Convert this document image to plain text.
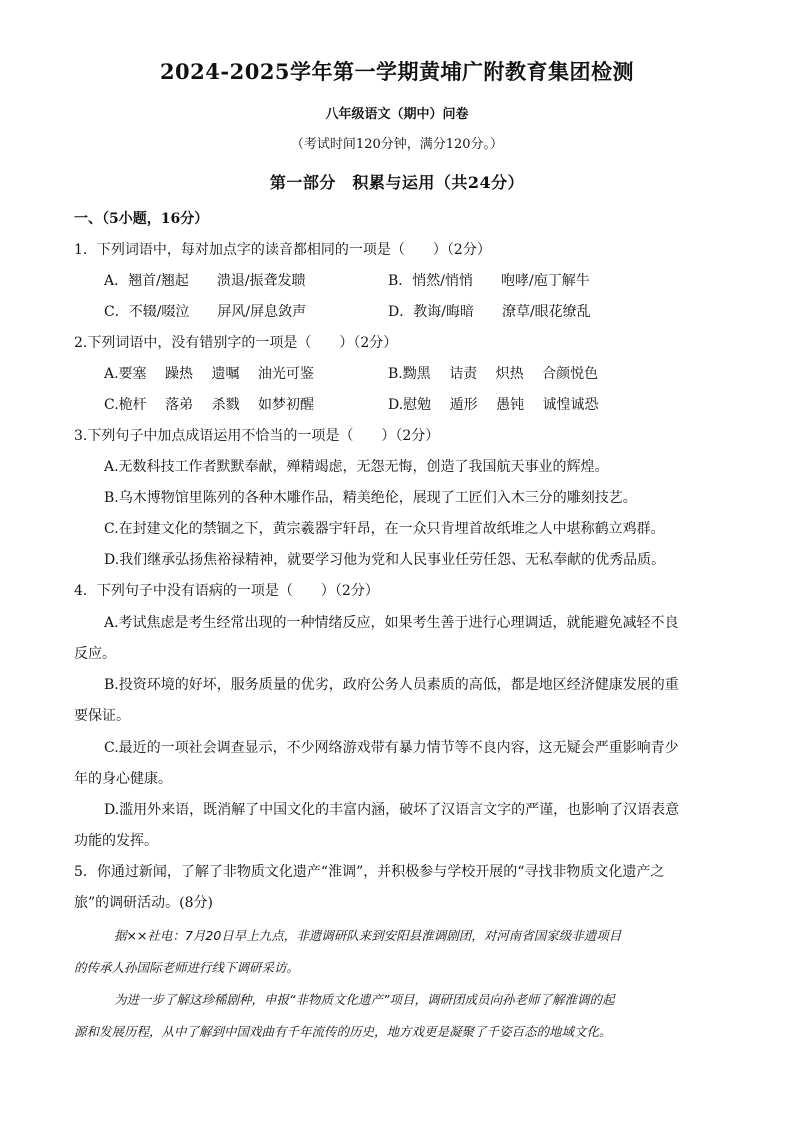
2024-2025学年第一学期黄埔广附教育集团检测
八年级语文（期中）问卷
（考试时间120分钟，满分120分。）
第一部分　积累与运用（共24分）
一、（5小题，16分）
1．下列词语中，每对加点字的读音都相同的一项是（　　）（2分）
A．翘首/翘起　　溃退/振聋发聩	B．悄然/悄悄　　咆哮/庖丁解牛
C．不辍/啜泣　　屏风/屏息敛声	D．教诲/晦暗　　潦草/眼花缭乱
2.下列词语中，没有错别字的一项是（　　）（2分）
A.要塞　 躁热　 遗嘱　 油光可鉴	B.黝黑　 诘责　 炽热　 合颜悦色
C.桅杆　 落弟　 杀戮　 如梦初醒	D.慰勉　 遁形　 愚钝　 诚惶诚恐
3.下列句子中加点成语运用不恰当的一项是（　　）（2分）
A.无数科技工作者默默奉献，殚精竭虑，无怨无悔，创造了我国航天事业的辉煌。
B.乌木博物馆里陈列的各种木雕作品，精美绝伦，展现了工匠们入木三分的雕刻技艺。
C.在封建文化的禁锢之下，黄宗羲器宇轩昂，在一众只肯埋首故纸堆之人中堪称鹤立鸡群。
D.我们继承弘扬焦裕禄精神，就要学习他为党和人民事业任劳任怨、无私奉献的优秀品质。
4．下列句子中没有语病的一项是（　　）（2分）
A.考试焦虑是考生经常出现的一种情绪反应，如果考生善于进行心理调适，就能避免减轻不良
反应。
B.投资环境的好坏，服务质量的优劣，政府公务人员素质的高低，都是地区经济健康发展的重
要保证。
C.最近的一项社会调查显示，不少网络游戏带有暴力情节等不良内容，这无疑会严重影响青少
年的身心健康。
D.滥用外来语，既消解了中国文化的丰富内涵，破坏了汉语言文字的严谨，也影响了汉语表意
功能的发挥。
5．你通过新闻，了解了非物质文化遗产“淮调”，并积极参与学校开展的“寻找非物质文化遗产之
旅”的调研活动。(8分)
据××社电：7月20日早上九点，非遗调研队来到安阳县淮调剧团，对河南省国家级非遗项目
的传承人孙国际老师进行线下调研采访。
为进一步了解这珍稀剧种，申报“非物质文化遗产”项目，调研团成员向孙老师了解淮调的起
源和发展历程，从中了解到中国戏曲有千年流传的历史，地方戏更是凝聚了千姿百态的地域文化。
